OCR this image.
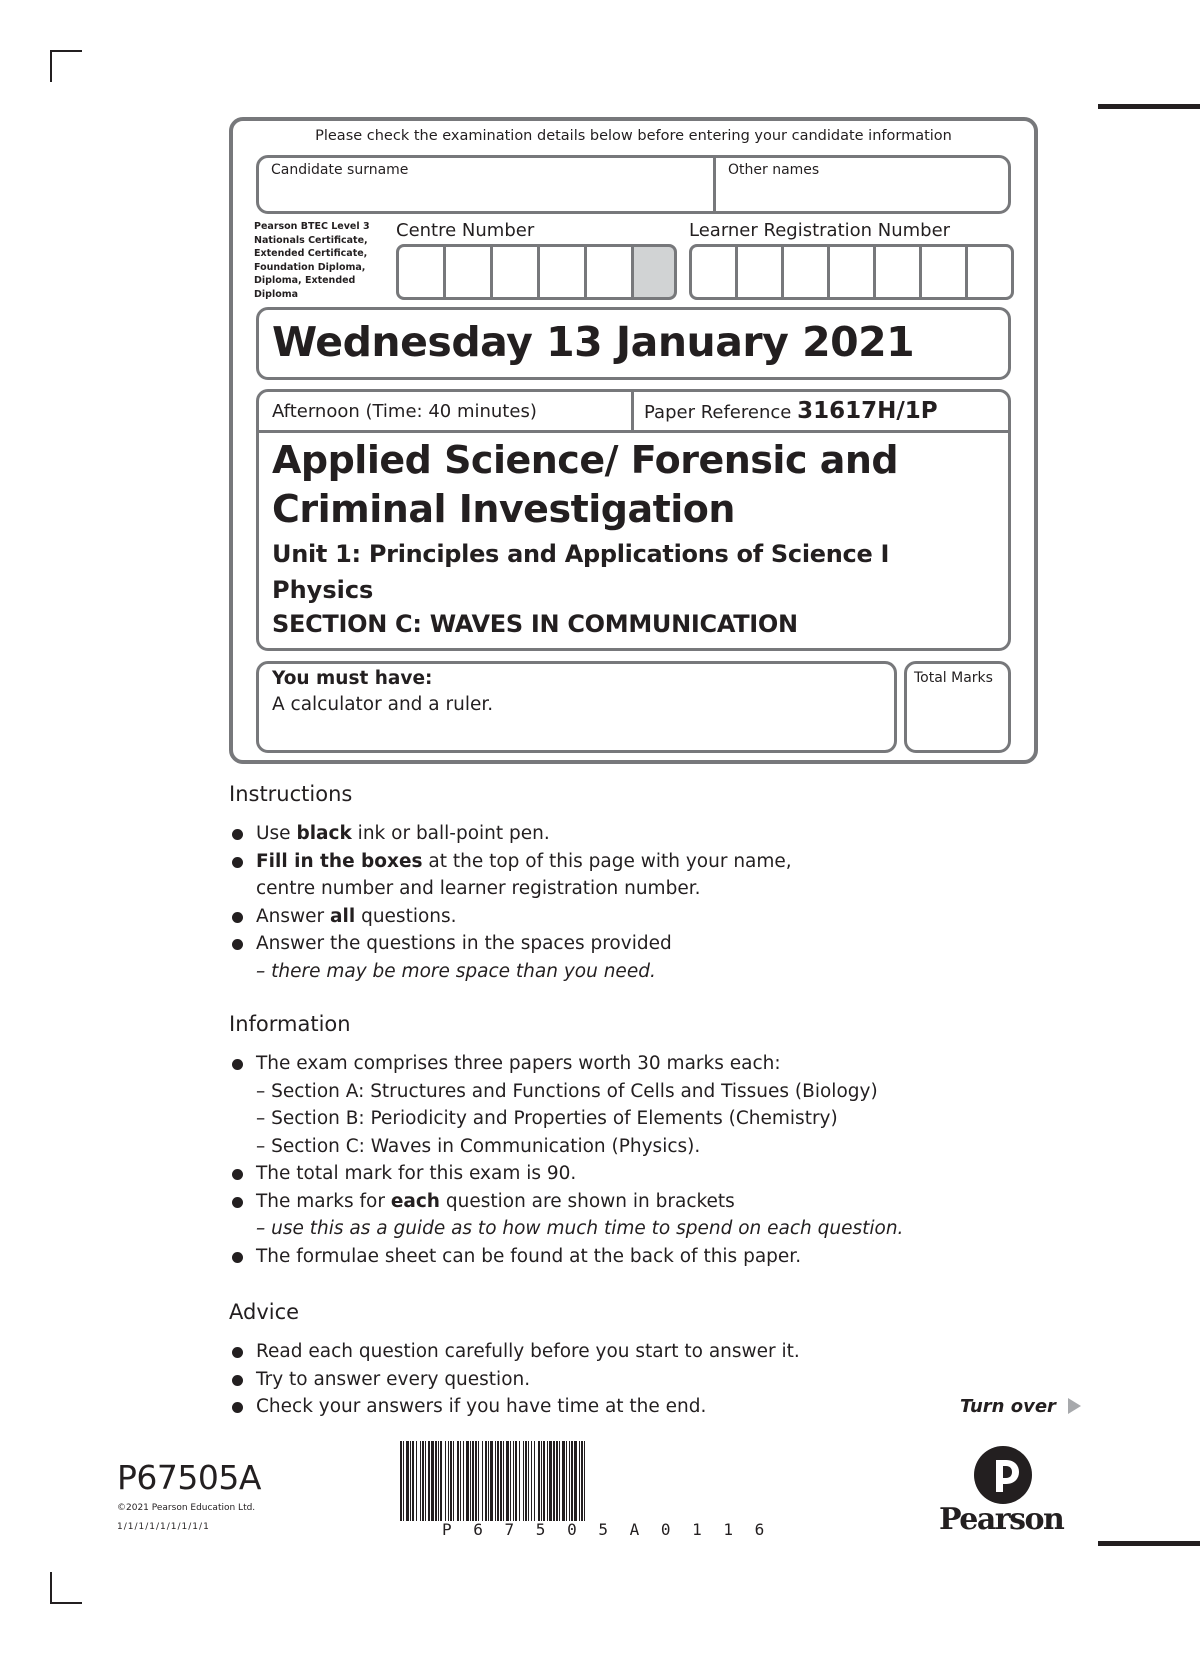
Please check the examination details below before entering your candidate information
Candidate surname	Other names
Pearson BTEC Level 3
Nationals Certificate,
Extended Certificate,
Foundation Diploma,
Diploma, Extended
Diploma
Centre Number	Learner Registration Number
Wednesday 13 January 2021
Afternoon (Time: 40 minutes)	Paper Reference 31617H/1P
Applied Science/ Forensic and
Criminal Investigation
Unit 1: Principles and Applications of Science I
Physics
SECTION C: WAVES IN COMMUNICATION
You must have:
A calculator and a ruler.
Total Marks
Instructions
Use black ink or ball-point pen.
Fill in the boxes at the top of this page with your name,
centre number and learner registration number.
Answer all questions.
Answer the questions in the spaces provided
– there may be more space than you need.
Information
The exam comprises three papers worth 30 marks each:
– Section A: Structures and Functions of Cells and Tissues (Biology)
– Section B: Periodicity and Properties of Elements (Chemistry)
– Section C: Waves in Communication (Physics).
The total mark for this exam is 90.
The marks for each question are shown in brackets
– use this as a guide as to how much time to spend on each question.
The formulae sheet can be found at the back of this paper.
Advice
Read each question carefully before you start to answer it.
Try to answer every question.
Check your answers if you have time at the end.	Turn over
P67505A
©2021 Pearson Education Ltd.
1/1/1/1/1/1/1/1/1	P 6 7 5 0 5 A 0 1 1 6	Pearson
